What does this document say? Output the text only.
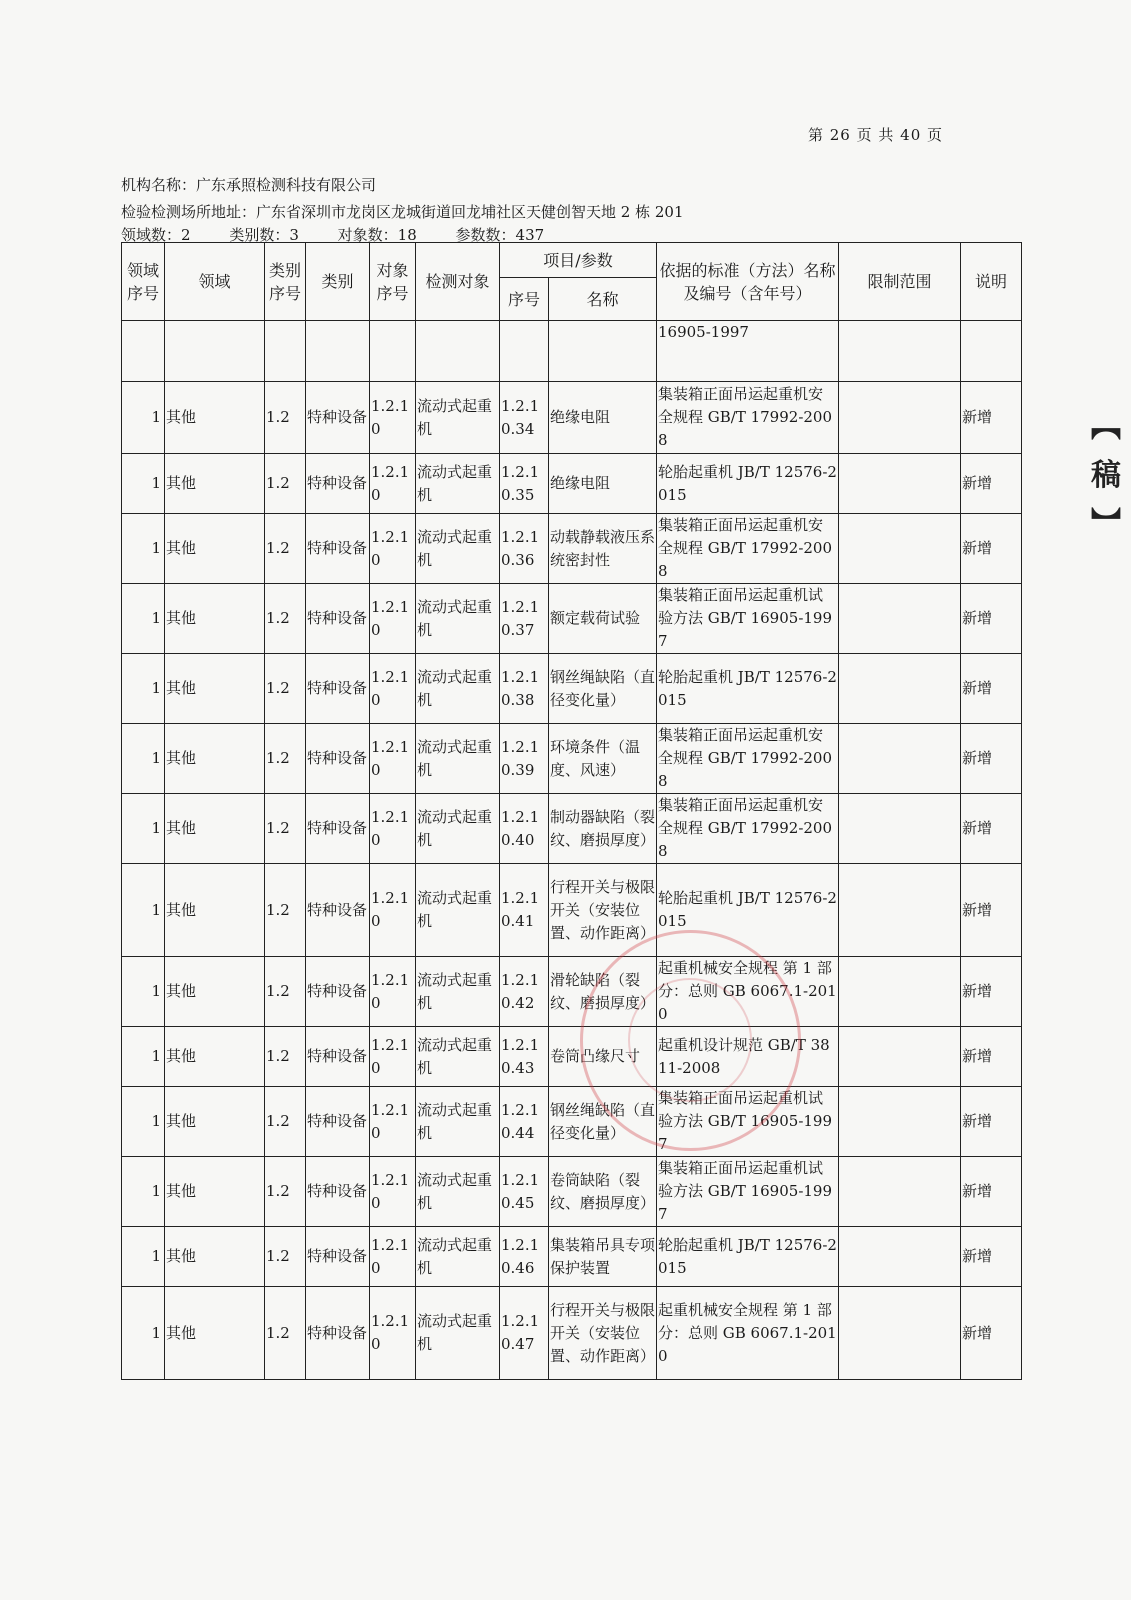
第 26 页 共 40 页
机构名称：广东承照检测科技有限公司
检验检测场所地址：广东省深圳市龙岗区龙城街道回龙埔社区天健创智天地 2 栋 201
领域数：2	类别数：3	对象数：18	参数数：437
领域序号	领域	类别序号	类别	对象序号	检测对象	项目/参数		依据的标准（方法）名称及编号（含年号）	限制范围	说明
						序号	名称			
								16905-1997		
1	其他	1.2	特种设备	1.2.10	流动式起重机	1.2.10.34	绝缘电阻	集装箱正面吊运起重机安全规程 GB/T 17992-2008		新增
1	其他	1.2	特种设备	1.2.10	流动式起重机	1.2.10.35	绝缘电阻	轮胎起重机 JB/T 12576-2015		新增
1	其他	1.2	特种设备	1.2.10	流动式起重机	1.2.10.36	动载静载液压系统密封性	集装箱正面吊运起重机安全规程 GB/T 17992-2008		新增
1	其他	1.2	特种设备	1.2.10	流动式起重机	1.2.10.37	额定载荷试验	集装箱正面吊运起重机试验方法 GB/T 16905-1997		新增
1	其他	1.2	特种设备	1.2.10	流动式起重机	1.2.10.38	钢丝绳缺陷（直径变化量）	轮胎起重机 JB/T 12576-2015		新增
1	其他	1.2	特种设备	1.2.10	流动式起重机	1.2.10.39	环境条件（温度、风速）	集装箱正面吊运起重机安全规程 GB/T 17992-2008		新增
1	其他	1.2	特种设备	1.2.10	流动式起重机	1.2.10.40	制动器缺陷（裂纹、磨损厚度）	集装箱正面吊运起重机安全规程 GB/T 17992-2008		新增
1	其他	1.2	特种设备	1.2.10	流动式起重机	1.2.10.41	行程开关与极限开关（安装位置、动作距离）	轮胎起重机 JB/T 12576-2015		新增
1	其他	1.2	特种设备	1.2.10	流动式起重机	1.2.10.42	滑轮缺陷（裂纹、磨损厚度）	起重机械安全规程 第 1 部分：总则 GB 6067.1-2010		新增
1	其他	1.2	特种设备	1.2.10	流动式起重机	1.2.10.43	卷筒凸缘尺寸	起重机设计规范 GB/T 3811-2008		新增
1	其他	1.2	特种设备	1.2.10	流动式起重机	1.2.10.44	钢丝绳缺陷（直径变化量）	集装箱正面吊运起重机试验方法 GB/T 16905-1997		新增
1	其他	1.2	特种设备	1.2.10	流动式起重机	1.2.10.45	卷筒缺陷（裂纹、磨损厚度）	集装箱正面吊运起重机试验方法 GB/T 16905-1997		新增
1	其他	1.2	特种设备	1.2.10	流动式起重机	1.2.10.46	集装箱吊具专项保护装置	轮胎起重机 JB/T 12576-2015		新增
1	其他	1.2	特种设备	1.2.10	流动式起重机	1.2.10.47	行程开关与极限开关（安装位置、动作距离）	起重机械安全规程 第 1 部分：总则 GB 6067.1-2010		新增
【 稿 】
